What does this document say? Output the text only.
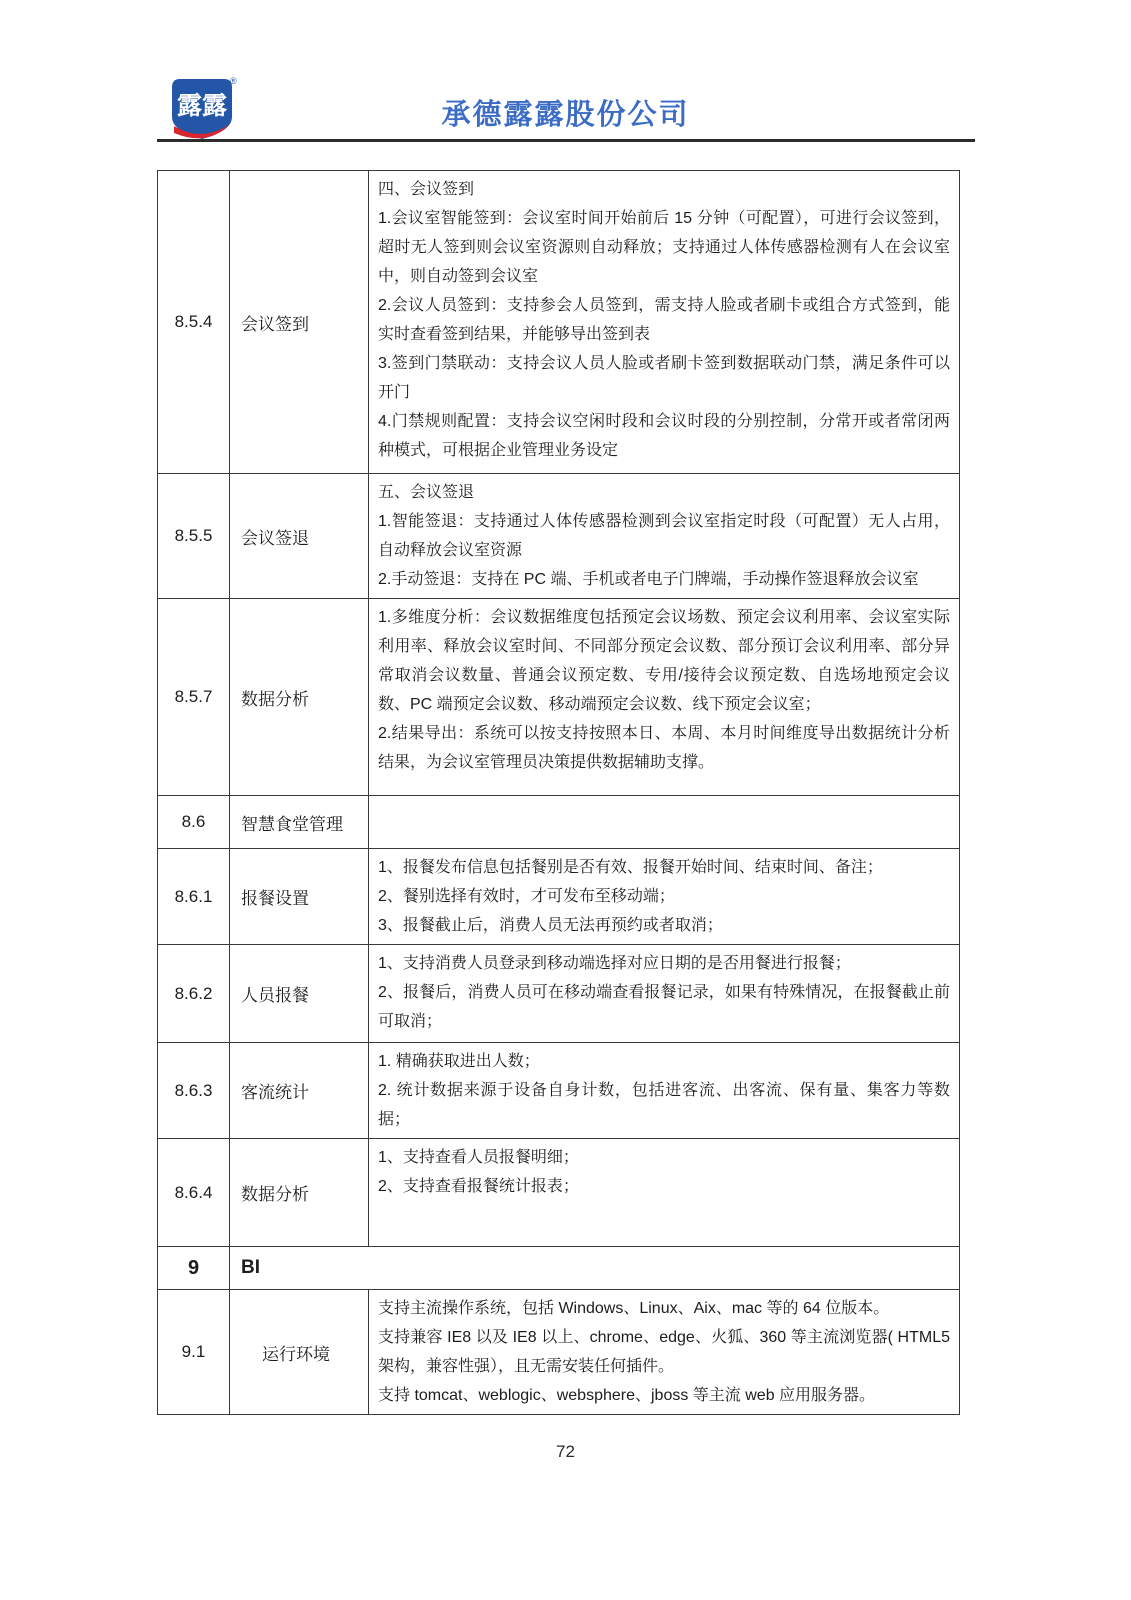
露露
®
承德露露股份公司
8.5.4	会议签到	四、会议签到

1.会议室智能签到：会议室时间开始前后 15 分钟（可配置），可进行会议签到，超时无人签到则会议室资源则自动释放；支持通过人体传感器检测有人在会议室中，则自动签到会议室

2.会议人员签到：支持参会人员签到，需支持人脸或者刷卡或组合方式签到，能实时查看签到结果，并能够导出签到表

3.签到门禁联动：支持会议人员人脸或者刷卡签到数据联动门禁，满足条件可以开门

4.门禁规则配置：支持会议空闲时段和会议时段的分别控制，分常开或者常闭两种模式，可根据企业管理业务设定

8.5.5	会议签退	五、会议签退

1.智能签退：支持通过人体传感器检测到会议室指定时段（可配置）无人占用，自动释放会议室资源

2.手动签退：支持在 PC 端、手机或者电子门牌端，手动操作签退释放会议室

8.5.7	数据分析	1.多维度分析：会议数据维度包括预定会议场数、预定会议利用率、会议室实际利用率、释放会议室时间、不同部分预定会议数、部分预订会议利用率、部分异常取消会议数量、普通会议预定数、专用/接待会议预定数、自选场地预定会议数、PC 端预定会议数、移动端预定会议数、线下预定会议室；

2.结果导出：系统可以按支持按照本日、本周、本月时间维度导出数据统计分析结果，为会议室管理员决策提供数据辅助支撑。

8.6	智慧食堂管理	
8.6.1	报餐设置	1、报餐发布信息包括餐别是否有效、报餐开始时间、结束时间、备注；

2、餐别选择有效时，才可发布至移动端；

3、报餐截止后，消费人员无法再预约或者取消；

8.6.2	人员报餐	1、支持消费人员登录到移动端选择对应日期的是否用餐进行报餐；

2、报餐后，消费人员可在移动端查看报餐记录，如果有特殊情况，在报餐截止前可取消；

8.6.3	客流统计	1. 精确获取进出人数；

2. 统计数据来源于设备自身计数，包括进客流、出客流、保有量、集客力等数据；

8.6.4	数据分析	1、支持查看人员报餐明细；

2、支持查看报餐统计报表；

9	BI	
9.1	运行环境	支持主流操作系统，包括 Windows、Linux、Aix、mac 等的 64 位版本。

支持兼容 IE8 以及 IE8 以上、chrome、edge、火狐、360 等主流浏览器( HTML5 架构，兼容性强），且无需安装任何插件。

支持 tomcat、weblogic、websphere、jboss 等主流 web 应用服务器。

72
